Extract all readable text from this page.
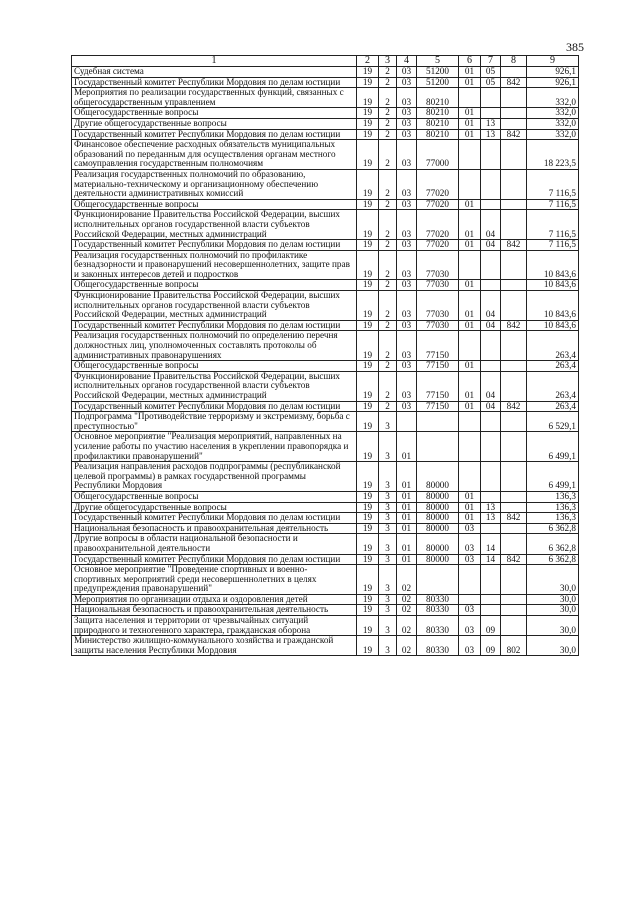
385
1	2	3	4	5	6	7	8	9
Судебная система	19	2	03	51200	01	05		926,1
Государственный комитет Республики Мордовия по делам юстиции	19	2	03	51200	01	05	842	926,1
Мероприятия по реализации государственных функций, связанных с общегосударственным управлением	19	2	03	80210				332,0
Общегосударственные вопросы	19	2	03	80210	01			332,0
Другие общегосударственные вопросы	19	2	03	80210	01	13		332,0
Государственный комитет Республики Мордовия по делам юстиции	19	2	03	80210	01	13	842	332,0
Финансовое обеспечение расходных обязательств муниципальных образований по переданным для осуществления органам местного самоуправления государственным полномочиям	19	2	03	77000				18 223,5
Реализация государственных полномочий по образованию, материально-техническому и организационному обеспечению деятельности административных комиссий	19	2	03	77020				7 116,5
Общегосударственные вопросы	19	2	03	77020	01			7 116,5
Функционирование Правительства Российской Федерации, высших исполнительных органов государственной власти субъектов Российской Федерации, местных администраций	19	2	03	77020	01	04		7 116,5
Государственный комитет Республики Мордовия по делам юстиции	19	2	03	77020	01	04	842	7 116,5
Реализация государственных полномочий по профилактике безнадзорности и правонарушений несовершеннолетних, защите прав и законных интересов детей и подростков	19	2	03	77030				10 843,6
Общегосударственные вопросы	19	2	03	77030	01			10 843,6
Функционирование Правительства Российской Федерации, высших исполнительных органов государственной власти субъектов Российской Федерации, местных администраций	19	2	03	77030	01	04		10 843,6
Государственный комитет Республики Мордовия по делам юстиции	19	2	03	77030	01	04	842	10 843,6
Реализация государственных полномочий по определению перечня должностных лиц, уполномоченных составлять протоколы об административных правонарушениях	19	2	03	77150				263,4
Общегосударственные вопросы	19	2	03	77150	01			263,4
Функционирование Правительства Российской Федерации, высших исполнительных органов государственной власти субъектов Российской Федерации, местных администраций	19	2	03	77150	01	04		263,4
Государственный комитет Республики Мордовия по делам юстиции	19	2	03	77150	01	04	842	263,4
Подпрограмма "Противодействие терроризму и экстремизму, борьба с преступностью"	19	3						6 529,1
Основное мероприятие "Реализация мероприятий, направленных на усиление работы по участию населения в укреплении правопорядка и профилактики правонарушений"	19	3	01					6 499,1
Реализация направления расходов подпрограммы (республиканской целевой программы) в рамках государственной программы Республики Мордовия	19	3	01	80000				6 499,1
Общегосударственные вопросы	19	3	01	80000	01			136,3
Другие общегосударственные вопросы	19	3	01	80000	01	13		136,3
Государственный комитет Республики Мордовия по делам юстиции	19	3	01	80000	01	13	842	136,3
Национальная безопасность и правоохранительная деятельность	19	3	01	80000	03			6 362,8
Другие вопросы в области национальной безопасности и правоохранительной деятельности	19	3	01	80000	03	14		6 362,8
Государственный комитет Республики Мордовия по делам юстиции	19	3	01	80000	03	14	842	6 362,8
Основное мероприятие "Проведение спортивных и военно-спортивных мероприятий среди несовершеннолетних в целях предупреждения правонарушений"	19	3	02					30,0
Мероприятия по организации отдыха и оздоровления детей	19	3	02	80330				30,0
Национальная безопасность и правоохранительная деятельность	19	3	02	80330	03			30,0
Защита населения и территории от чрезвычайных ситуаций природного и техногенного характера, гражданская оборона	19	3	02	80330	03	09		30,0
Министерство жилищно-коммунального хозяйства и гражданской защиты населения Республики Мордовия	19	3	02	80330	03	09	802	30,0
